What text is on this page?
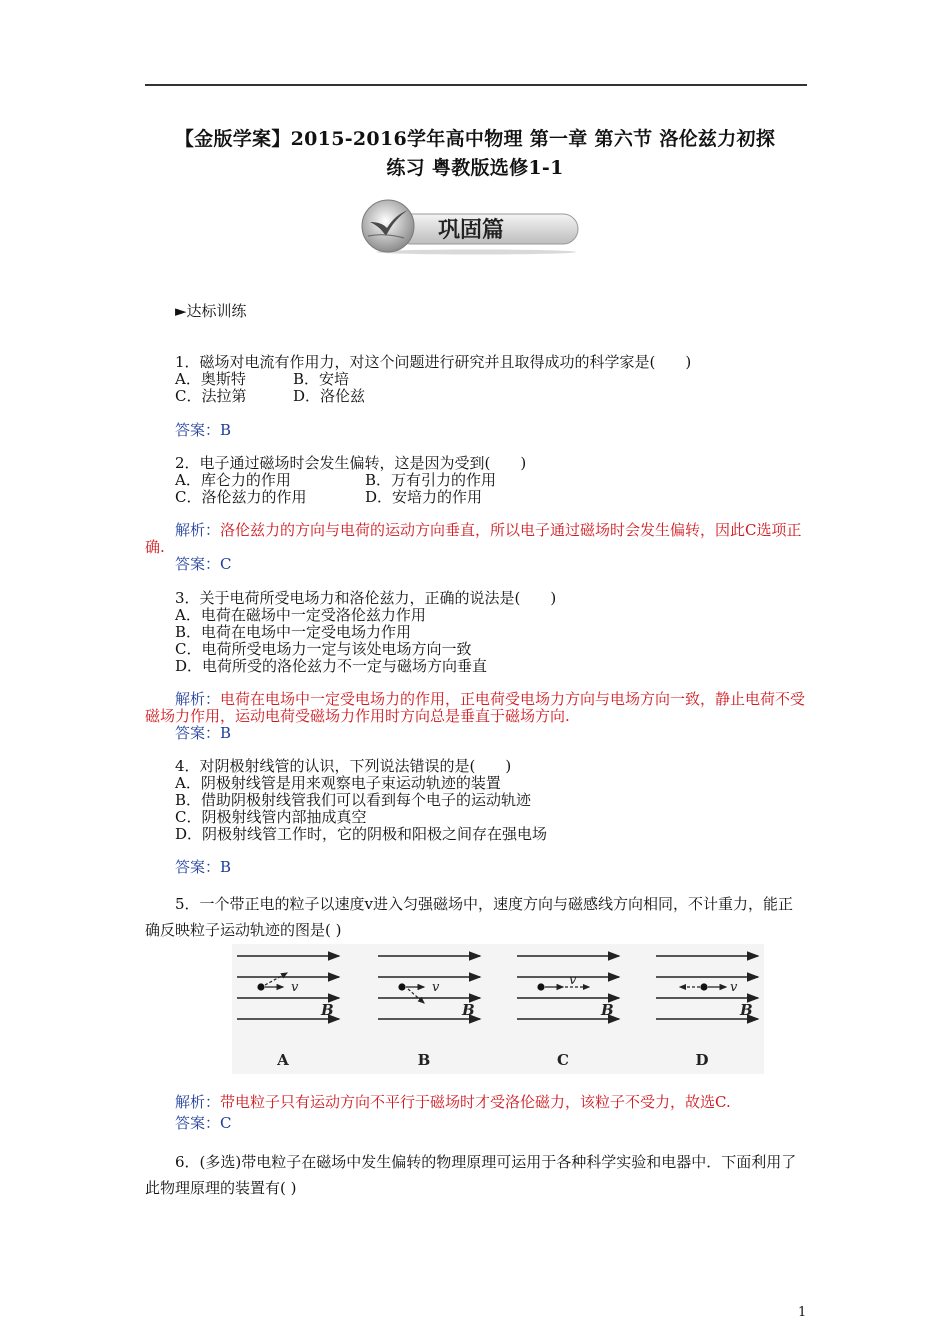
【金版学案】2015-2016学年高中物理 第一章 第六节 洛伦兹力初探
练习 粤教版选修1-1
巩固篇
►达标训练
1．磁场对电流有作用力，对这个问题进行研究并且取得成功的科学家是(　　)
A．奥斯特	B．安培
C．法拉第	D．洛伦兹
答案：B
2．电子通过磁场时会发生偏转，这是因为受到(　　)
A．库仑力的作用	B．万有引力的作用
C．洛伦兹力的作用	D．安培力的作用
解析：洛伦兹力的方向与电荷的运动方向垂直，所以电子通过磁场时会发生偏转，因此C选项正确.
答案：C
3．关于电荷所受电场力和洛伦兹力，正确的说法是(　　)
A．电荷在磁场中一定受洛伦兹力作用
B．电荷在电场中一定受电场力作用
C．电荷所受电场力一定与该处电场方向一致
D．电荷所受的洛伦兹力不一定与磁场方向垂直
解析：电荷在电场中一定受电场力的作用，正电荷受电场力方向与电场方向一致，静止电荷不受磁场力作用，运动电荷受磁场力作用时方向总是垂直于磁场方向.
答案：B
4．对阴极射线管的认识，下列说法错误的是(　　)
A．阴极射线管是用来观察电子束运动轨迹的装置
B．借助阴极射线管我们可以看到每个电子的运动轨迹
C．阴极射线管内部抽成真空
D．阴极射线管工作时，它的阴极和阳极之间存在强电场
答案：B
5．一个带正电的粒子以速度v进入匀强磁场中，速度方向与磁感线方向相同，不计重力，能正确反映粒子运动轨迹的图是( )
B
v
A
B
v
B
B
v
C
B
v
D
解析：带电粒子只有运动方向不平行于磁场时才受洛伦磁力，该粒子不受力，故选C.
答案：C
6．(多选)带电粒子在磁场中发生偏转的物理原理可运用于各种科学实验和电器中．下面利用了此物理原理的装置有( )
1
